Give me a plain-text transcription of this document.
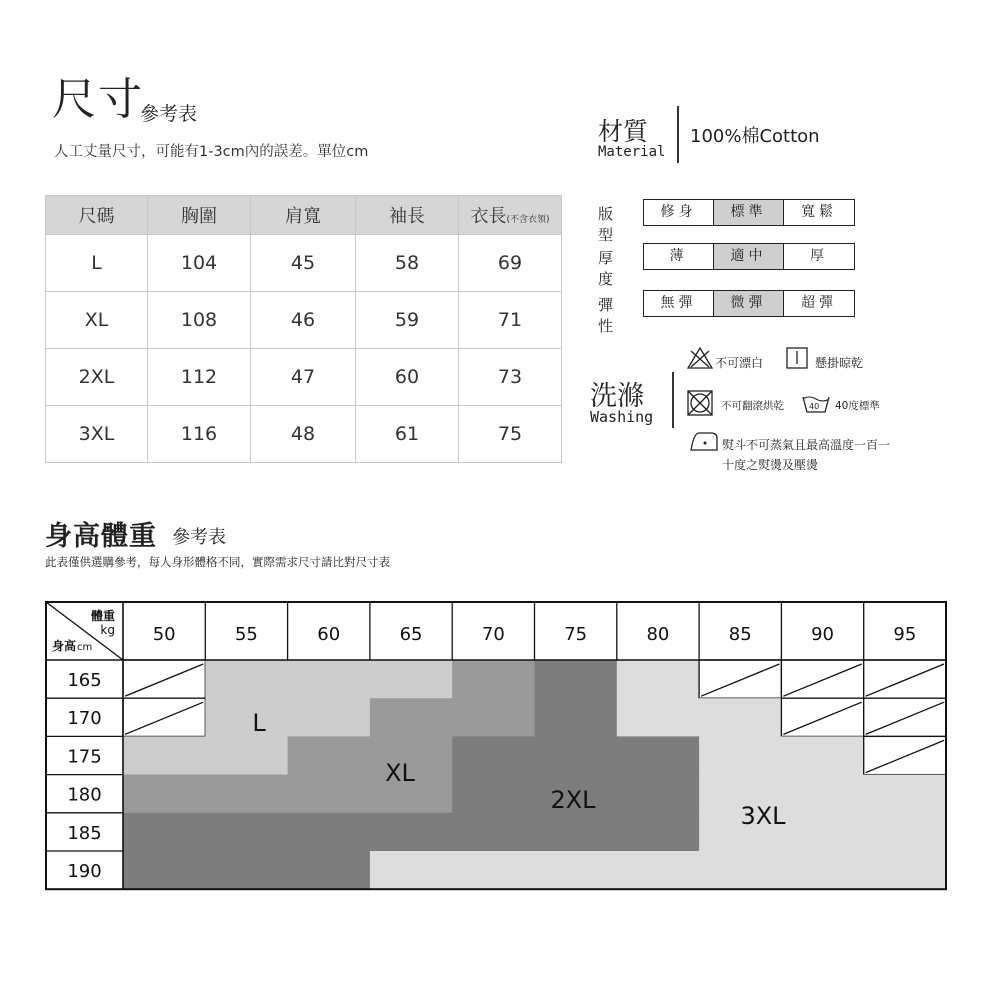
尺寸
參考表
人工丈量尺寸，可能有1-3cm內的誤差。單位cm
尺碼	胸圍	肩寬	袖長	衣長(不含衣領)
L	104	45	58	69
XL	108	46	59	71
2XL	112	47	60	73
3XL	116	48	61	75
材質
Material
100%棉Cotton
版型
修身	標準	寬鬆
厚度
薄	適中	厚
彈性
無彈	微彈	超彈
洗滌
Washing
不可漂白	懸掛晾乾
不可翻滾烘乾	40 40度標準
熨斗不可蒸氣且最高溫度一百一
十度之熨燙及壓燙
身高體重 參考表
此表僅供選購參考，每人身形體格不同，實際需求尺寸請比對尺寸表
體重
kg
身高 cm
50	55	60	65	70	75	80	85	90	95
165
170
175
180
185
190
L
XL
2XL
3XL
